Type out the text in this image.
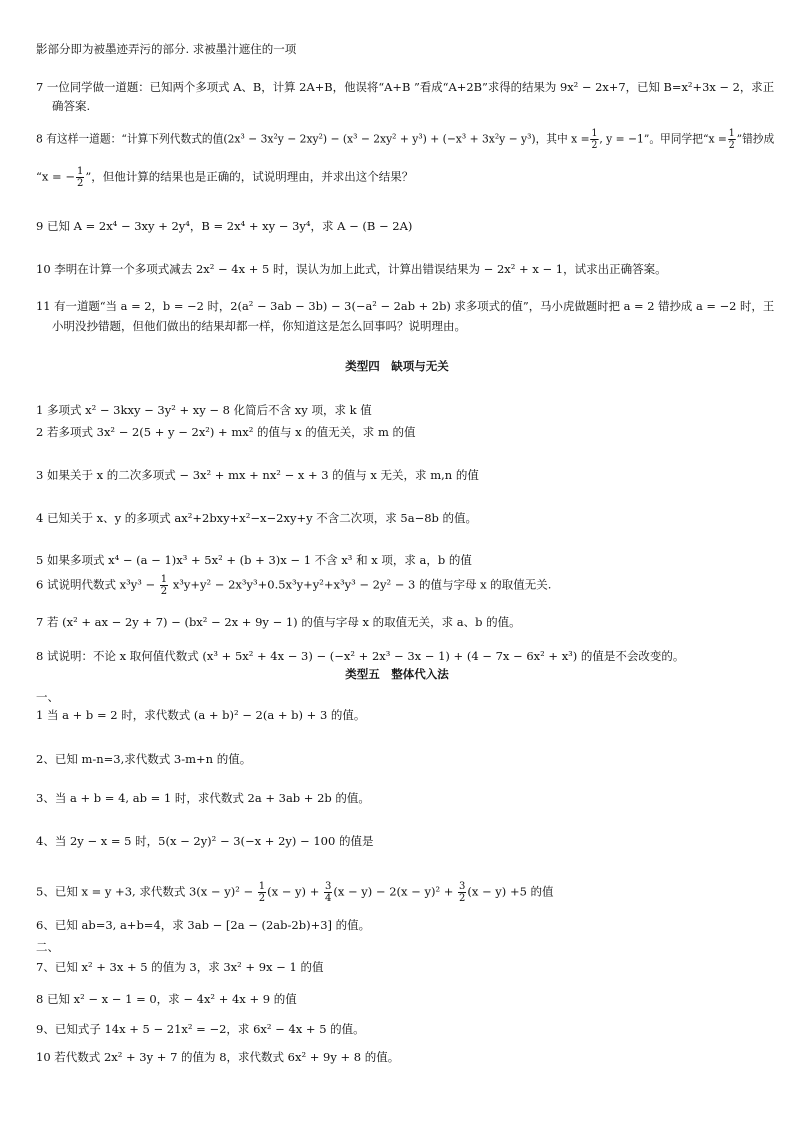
影部分即为被墨迹弄污的部分. 求被墨汁遮住的一项
7 一位同学做一道题：已知两个多项式 A、B，计算 2A+B，他误将“A+B ”看成“A+2B”求得的结果为 9x² − 2x+7，已知 B=x²+3x − 2，求正
确答案.
8 有这样一道题：“计算下列代数式的值(2x³ − 3x²y − 2xy²) − (x³ − 2xy² + y³) + (−x³ + 3x²y − y³)，其中 $x = \frac{1}{2}$ , y = −1”。甲同学把“$x = \frac{1}{2}$ ”错抄成
“x = − $\frac{1}{2}$ ”，但他计算的结果也是正确的，试说明理由，并求出这个结果？
9 已知 A = 2x⁴ − 3xy + 2y⁴，B = 2x⁴ + xy − 3y⁴，求 A − (B − 2A)
10 李明在计算一个多项式减去 2x² − 4x + 5 时，误认为加上此式，计算出错误结果为 − 2x² + x − 1，试求出正确答案。
11 有一道题“当 a = 2，b = −2 时，2(a² − 3ab − 3b) − 3(−a² − 2ab + 2b) 求多项式的值”，马小虎做题时把 a = 2 错抄成 a = −2 时，王
小明没抄错题，但他们做出的结果却都一样，你知道这是怎么回事吗？说明理由。
类型四　缺项与无关
1 多项式 x² − 3kxy − 3y² + xy − 8 化简后不含 xy 项，求 k 值
2 若多项式 3x² − 2(5 + y − 2x²) + mx² 的值与 x 的值无关，求 m 的值
3 如果关于 x 的二次多项式 − 3x² + mx + nx² − x + 3 的值与 x 无关，求 m,n 的值
4 已知关于 x、y 的多项式 ax²+2bxy+x²−x−2xy+y 不含二次项，求 5a−8b 的值。
5 如果多项式 x⁴ − (a − 1)x³ + 5x² + (b + 3)x − 1 不含 x³ 和 x 项，求 a，b 的值
6 试说明代数式 $x^3y^3 - \frac{1}{2} x^3y+y^2 - 2x^3y^3+0.5x^3y+y^2+x^3y^3 - 2y^2 - 3$ 的值与字母 x 的取值无关.
7 若 (x² + ax − 2y + 7) − (bx² − 2x + 9y − 1) 的值与字母 x 的取值无关，求 a、b 的值。
8 试说明：不论 x 取何值代数式 (x³ + 5x² + 4x − 3) − (−x² + 2x³ − 3x − 1) + (4 − 7x − 6x² + x³) 的值是不会改变的。
类型五　整体代入法
一、
1 当 a + b = 2 时，求代数式 (a + b)² − 2(a + b) + 3 的值。
2、已知 m-n=3,求代数式 3-m+n 的值。
3、当 a + b = 4, ab = 1 时，求代数式 2a + 3ab + 2b 的值。
4、当 2y − x = 5 时，5(x − 2y)² − 3(−x + 2y) − 100 的值是
5、已知 x = y +3, 求代数式 $3(x - y)^2 - \frac{1}{2} (x - y) + \frac{3}{4} (x - y) - 2(x - y)^2 + \frac{3}{2} (x - y) +5$ 的值
6、已知 ab=3, a+b=4，求 3ab − [2a − (2ab-2b)+3] 的值。
二、
7、已知 x² + 3x + 5 的值为 3，求 3x² + 9x − 1 的值
8 已知 x² − x − 1 = 0，求 − 4x² + 4x + 9 的值
9、已知式子 14x + 5 − 21x² = −2，求 6x² − 4x + 5 的值。
10 若代数式 2x² + 3y + 7 的值为 8，求代数式 6x² + 9y + 8 的值。
